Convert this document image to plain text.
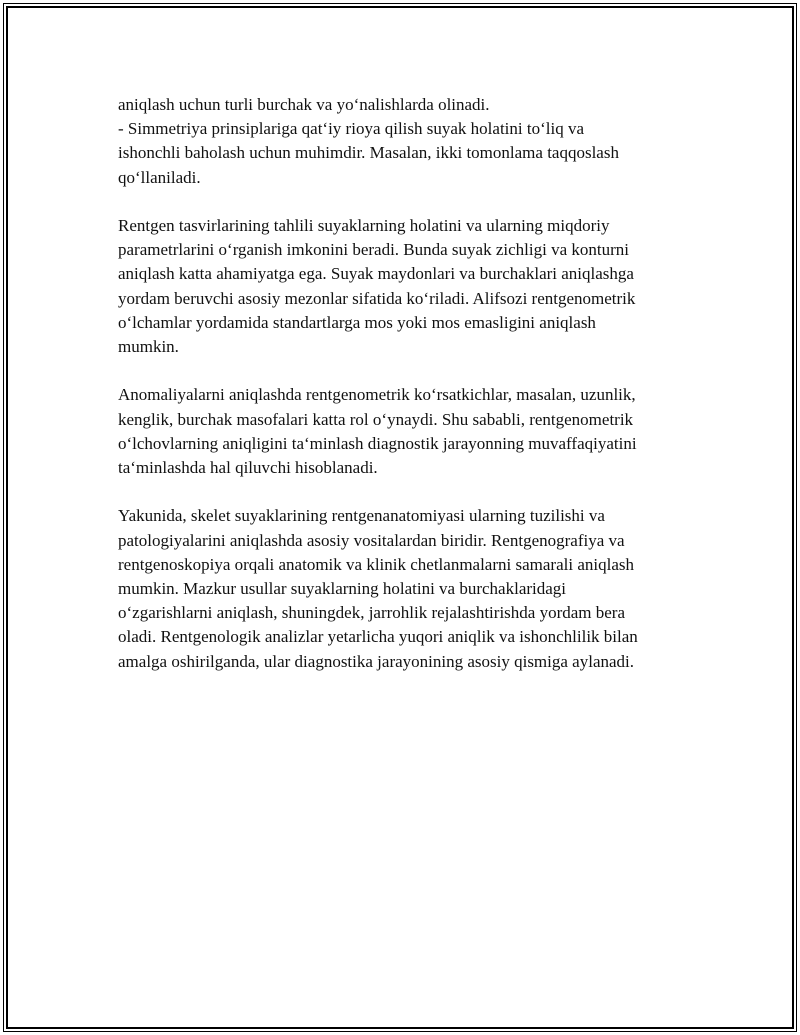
aniqlash uchun turli burchak va yo‘nalishlarda olinadi.
- Simmetriya prinsiplariga qat‘iy rioya qilish suyak holatini to‘liq va
ishonchli baholash uchun muhimdir. Masalan, ikki tomonlama taqqoslash
qo‘llaniladi.

Rentgen tasvirlarining tahlili suyaklarning holatini va ularning miqdoriy
parametrlarini o‘rganish imkonini beradi. Bunda suyak zichligi va konturni
aniqlash katta ahamiyatga ega. Suyak maydonlari va burchaklari aniqlashga
yordam beruvchi asosiy mezonlar sifatida ko‘riladi. Alifsozi rentgenometrik
o‘lchamlar yordamida standartlarga mos yoki mos emasligini aniqlash
mumkin.

Anomaliyalarni aniqlashda rentgenometrik ko‘rsatkichlar, masalan, uzunlik,
kenglik, burchak masofalari katta rol o‘ynaydi. Shu sababli, rentgenometrik
o‘lchovlarning aniqligini ta‘minlash diagnostik jarayonning muvaffaqiyatini
ta‘minlashda hal qiluvchi hisoblanadi.

Yakunida, skelet suyaklarining rentgenanatomiyasi ularning tuzilishi va
patologiyalarini aniqlashda asosiy vositalardan biridir. Rentgenografiya va
rentgenoskopiya orqali anatomik va klinik chetlanmalarni samarali aniqlash
mumkin. Mazkur usullar suyaklarning holatini va burchaklaridagi
o‘zgarishlarni aniqlash, shuningdek, jarrohlik rejalashtirishda yordam bera
oladi. Rentgenologik analizlar yetarlicha yuqori aniqlik va ishonchlilik bilan
amalga oshirilganda, ular diagnostika jarayonining asosiy qismiga aylanadi.
